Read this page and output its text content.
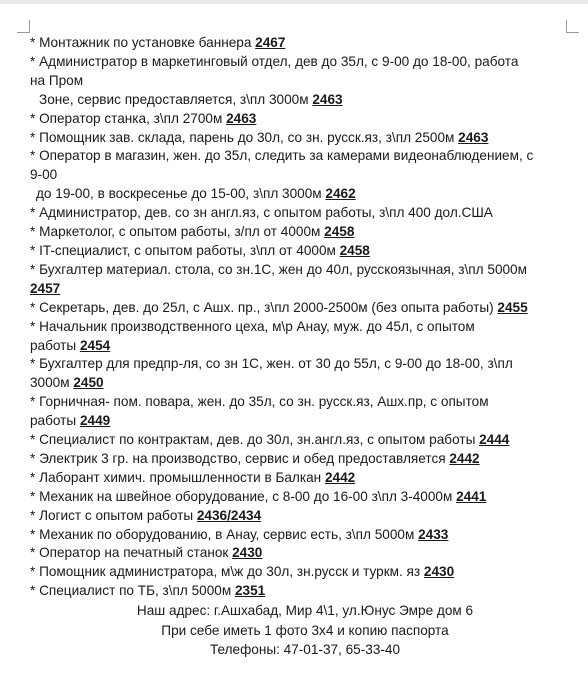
* Монтажник по установке баннера 2467
* Администратор в маркетинговый отдел, дев до 35л, с 9-00 до 18-00, работа
на Пром
Зоне, сервис предоставляется, з\пл 3000м 2463
* Оператор станка, з\пл 2700м 2463
* Помощник зав. склада, парень до 30л, со зн. русск.яз, з\пл 2500м 2463
* Оператор в магазин, жен. до 35л, следить за камерами видеонаблюдением, с
9-00
до 19-00, в воскресенье до 15-00, з\пл 3000м 2462
* Администратор, дев. со зн англ.яз, с опытом работы, з\пл 400 дол.США
* Маркетолог, с опытом работы, з/пл от 4000м 2458
* IT-специалист, с опытом работы, з\пл от 4000м 2458
* Бухгалтер материал. стола, со зн.1С, жен до 40л, русскоязычная, з\пл 5000м
2457
* Секретарь, дев. до 25л, с Ашх. пр., з\пл 2000-2500м (без опыта работы) 2455
* Начальник производственного цеха, м\р Анау, муж. до 45л, с опытом
работы 2454
* Бухгалтер для предпр-ля, со зн 1С, жен. от 30 до 55л, с 9-00 до 18-00, з\пл
3000м 2450
* Горничная- пом. повара, жен. до 35л, со зн. русск.яз, Ашх.пр, с опытом
работы 2449
* Специалист по контрактам, дев. до 30л, зн.англ.яз, с опытом работы 2444
* Электрик 3 гр. на производство, сервис и обед предоставляется 2442
* Лаборант химич. промышленности в Балкан 2442
* Механик на швейное оборудование, с 8-00 до 16-00 з\пл 3-4000м 2441
* Логист с опытом работы 2436/2434
* Механик по оборудованию, в Анау, сервис есть, з\пл 5000м 2433
* Оператор на печатный станок 2430
* Помощник администратора, м\ж до 30л, зн.русск и туркм. яз 2430
* Специалист по ТБ, з\пл 5000м 2351
Наш адрес: г.Ашхабад, Мир 4\1, ул.Юнус Эмре дом 6
При себе иметь 1 фото 3х4 и копию паспорта
Телефоны: 47-01-37, 65-33-40
